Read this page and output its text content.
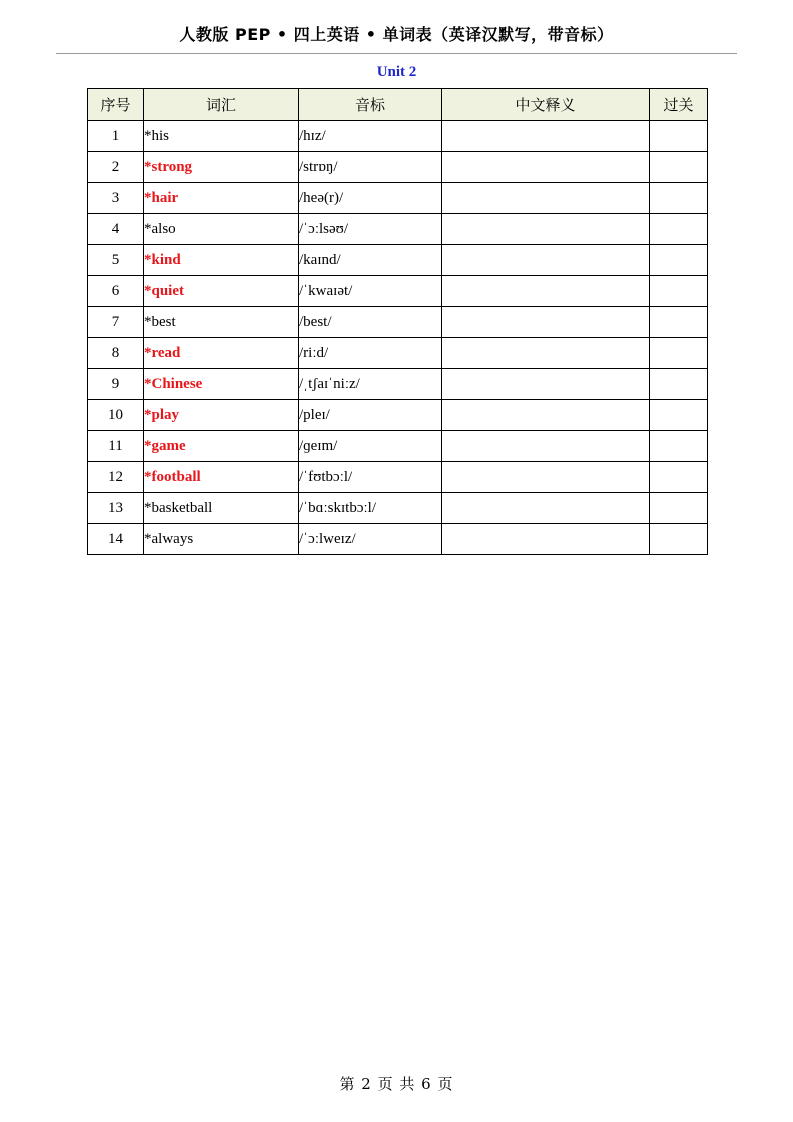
人教版 PEP • 四上英语 • 单词表（英译汉默写，带音标）
Unit 2
序号	词汇	音标	中文释义	过关
1	*his	/hɪz/		
2	*strong	/strɒŋ/		
3	*hair	/heə(r)/		
4	*also	/ˈɔːlsəʊ/		
5	*kind	/kaɪnd/		
6	*quiet	/ˈkwaɪət/		
7	*best	/best/		
8	*read	/riːd/		
9	*Chinese	/ˌtʃaɪˈniːz/		
10	*play	/pleɪ/		
11	*game	/ɡeɪm/		
12	*football	/ˈfʊtbɔːl/		
13	*basketball	/ˈbɑːskɪtbɔːl/		
14	*always	/ˈɔːlweɪz/		
第 2 页 共 6 页
